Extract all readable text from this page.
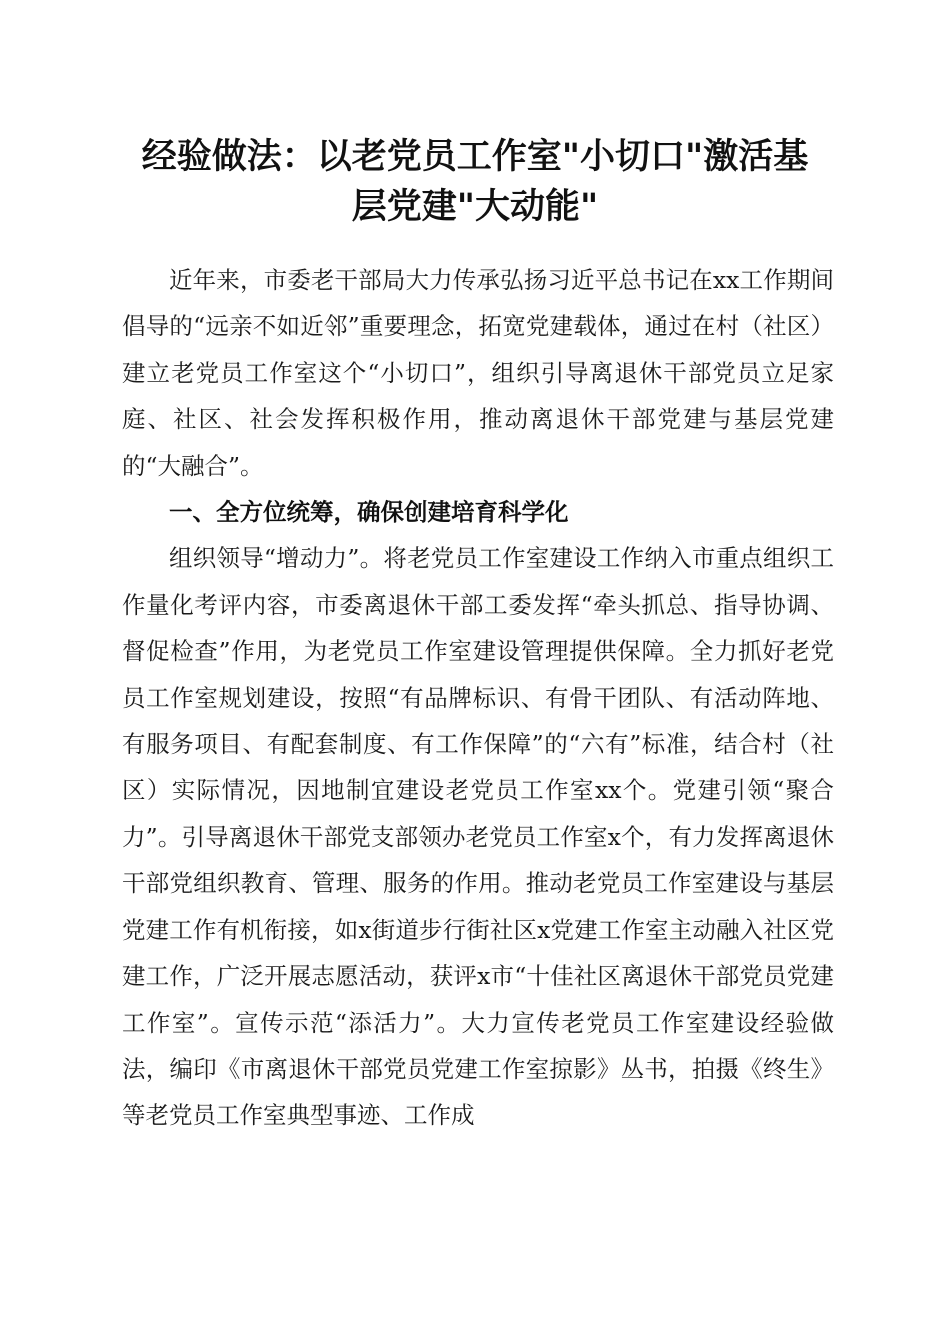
经验做法：以老党员工作室"小切口"激活基
层党建"大动能"

近年来，市委老干部局大力传承弘扬习近平总书记在xx工作期间倡导的“远亲不如近邻”重要理念，拓宽党建载体，通过在村（社区）建立老党员工作室这个“小切口”，组织引导离退休干部党员立足家庭、社区、社会发挥积极作用，推动离退休干部党建与基层党建的“大融合”。

一、全方位统筹，确保创建培育科学化

组织领导“增动力”。将老党员工作室建设工作纳入市重点组织工作量化考评内容，市委离退休干部工委发挥“牵头抓总、指导协调、督促检查”作用，为老党员工作室建设管理提供保障。全力抓好老党员工作室规划建设，按照“有品牌标识、有骨干团队、有活动阵地、有服务项目、有配套制度、有工作保障”的“六有”标准，结合村（社区）实际情况，因地制宜建设老党员工作室xx个。党建引领“聚合力”。引导离退休干部党支部领办老党员工作室x个，有力发挥离退休干部党组织教育、管理、服务的作用。推动老党员工作室建设与基层党建工作有机衔接，如x街道步行街社区x党建工作室主动融入社区党建工作，广泛开展志愿活动，获评x市“十佳社区离退休干部党员党建工作室”。宣传示范“添活力”。大力宣传老党员工作室建设经验做法，编印《市离退休干部党员党建工作室掠影》丛书，拍摄《终生》等老党员工作室典型事迹、工作成
